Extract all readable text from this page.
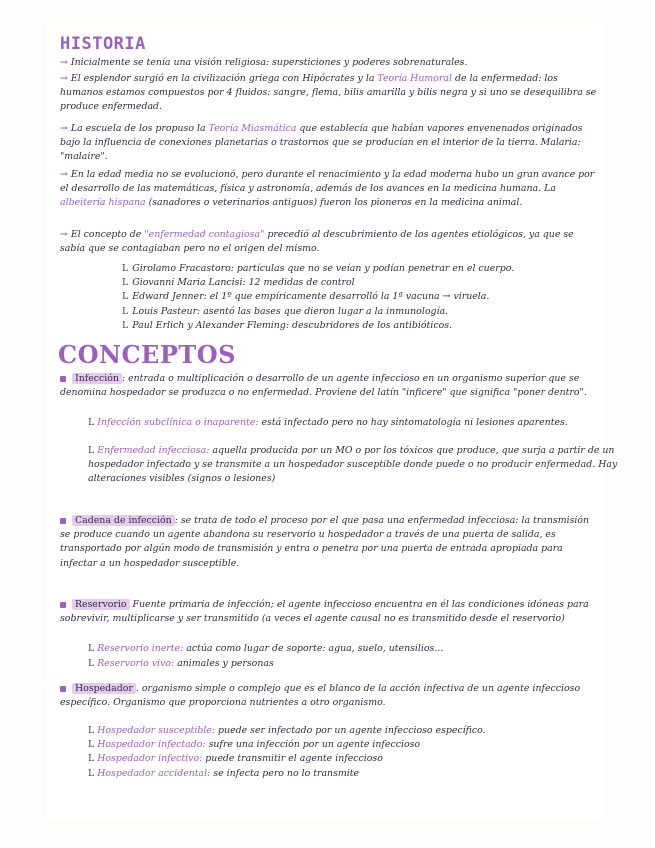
HISTORIA
→ Inicialmente se tenía una visión religiosa: supersticiones y poderes sobrenaturales.
→ El esplendor surgió en la civilización griega con Hipócrates y la Teoría Humoral de la enfermedad: los humanos estamos compuestos por 4 fluidos: sangre, flema, bilis amarilla y bilis negra y si uno se desequilibra se produce enfermedad.
→ La escuela de los propuso la Teoría Miasmática que establecía que habían vapores envenenados originados bajo la influencia de conexiones planetarias o trastornos que se producían en el interior de la tierra. Malaria: "malaire".
→ En la edad media no se evolucionó, pero durante el renacimiento y la edad moderna hubo un gran avance por el desarrollo de las matemáticas, física y astronomía, además de los avances en la medicina humana. La albeitería hispana (sanadores o veterinarios antiguos) fueron los pioneros en la medicina animal.
→ El concepto de "enfermedad contagiosa" precedió al descubrimiento de los agentes etiológicos, ya que se sabía que se contagiaban pero no el origen del mismo.
L Girolamo Fracastoro: partículas que no se veían y podían penetrar en el cuerpo.
L Giovanni Maria Lancisi: 12 medidas de control
L Edward Jenner: el 1º que empíricamente desarrolló la 1ª vacuna → viruela.
L Louis Pasteur: asentó las bases que dieron lugar a la inmunología.
L Paul Erlich y Alexander Fleming: descubridores de los antibióticos.
CONCEPTOS
Infección : entrada o multiplicación o desarrollo de un agente infeccioso en un organismo superior que se denomina hospedador se produzca o no enfermedad. Proviene del latín "inficere" que significa "poner dentro".
L Infección subclínica o inaparente: está infectado pero no hay sintomatología ni lesiones aparentes.
L Enfermedad infecciosa: aquella producida por un MO o por los tóxicos que produce, que surja a partir de un hospedador infectado y se transmite a un hospedador susceptible donde puede o no producir enfermedad. Hay alteraciones visibles (signos o lesiones)
Cadena de infección : se trata de todo el proceso por el que pasa una enfermedad infecciosa: la transmisión se produce cuando un agente abandona su reservorio u hospedador a través de una puerta de salida, es transportado por algún modo de transmisión y entra o penetra por una puerta de entrada apropiada para infectar a un hospedador susceptible.
Reservorio Fuente primaria de infección; el agente infeccioso encuentra en él las condiciones idóneas para sobrevivir, multiplicarse y ser transmitido (a veces el agente causal no es transmitido desde el reservorio)
L Reservorio inerte: actúa como lugar de soporte: agua, suelo, utensilios...
L Reservorio vivo: animales y personas
Hospedador . organismo simple o complejo que es el blanco de la acción infectiva de un agente infeccioso específico. Organismo que proporciona nutrientes a otro organismo.
L Hospedador susceptible: puede ser infectado por un agente infeccioso específico.
L Hospedador infectado: sufre una infección por un agente infeccioso
L Hospedador infectivo: puede transmitir el agente infeccioso
L Hospedador accidental: se infecta pero no lo transmite
